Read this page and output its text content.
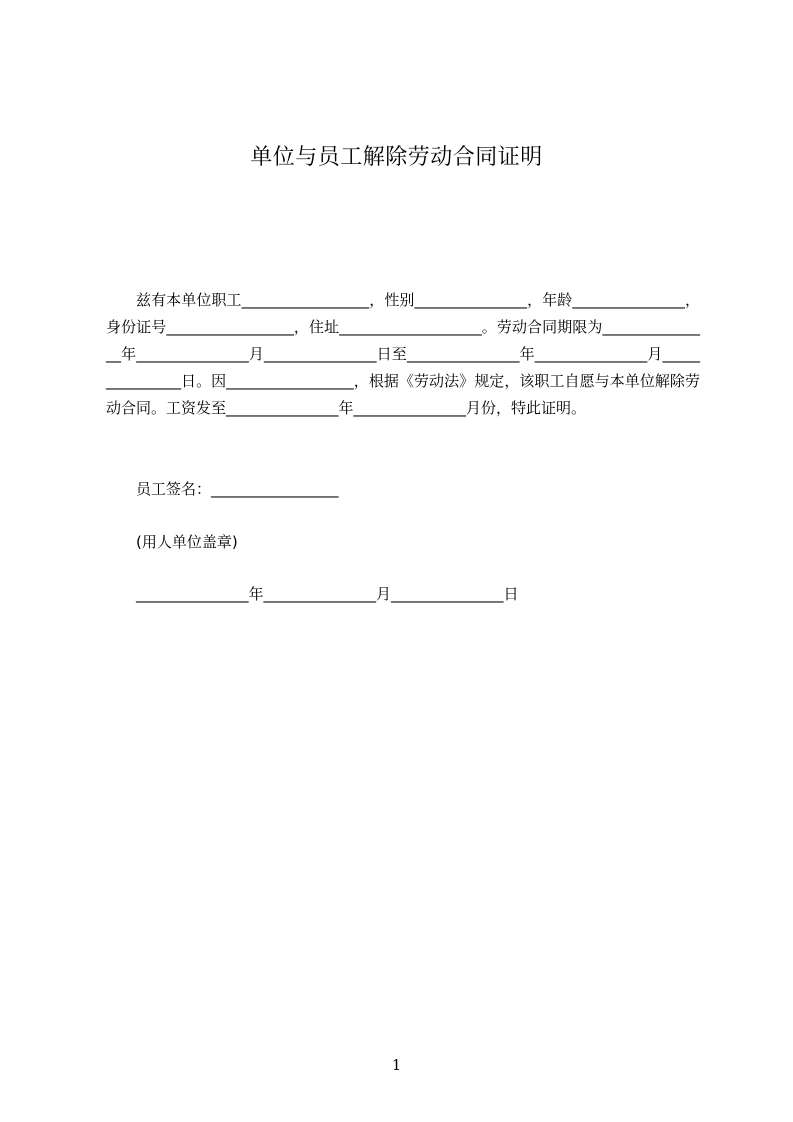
单位与员工解除劳动合同证明
兹有本单位职工_________________，性别_______________，年龄_______________，身份证号_________________，住址___________________。劳动合同期限为_______________年_______________月_______________日至_______________年_______________月_______________日。因_________________，根据《劳动法》规定，该职工自愿与本单位解除劳动合同。工资发至_______________年_______________月份，特此证明。
员工签名：_________________
(用人单位盖章)
_______________年_______________月_______________日
1
